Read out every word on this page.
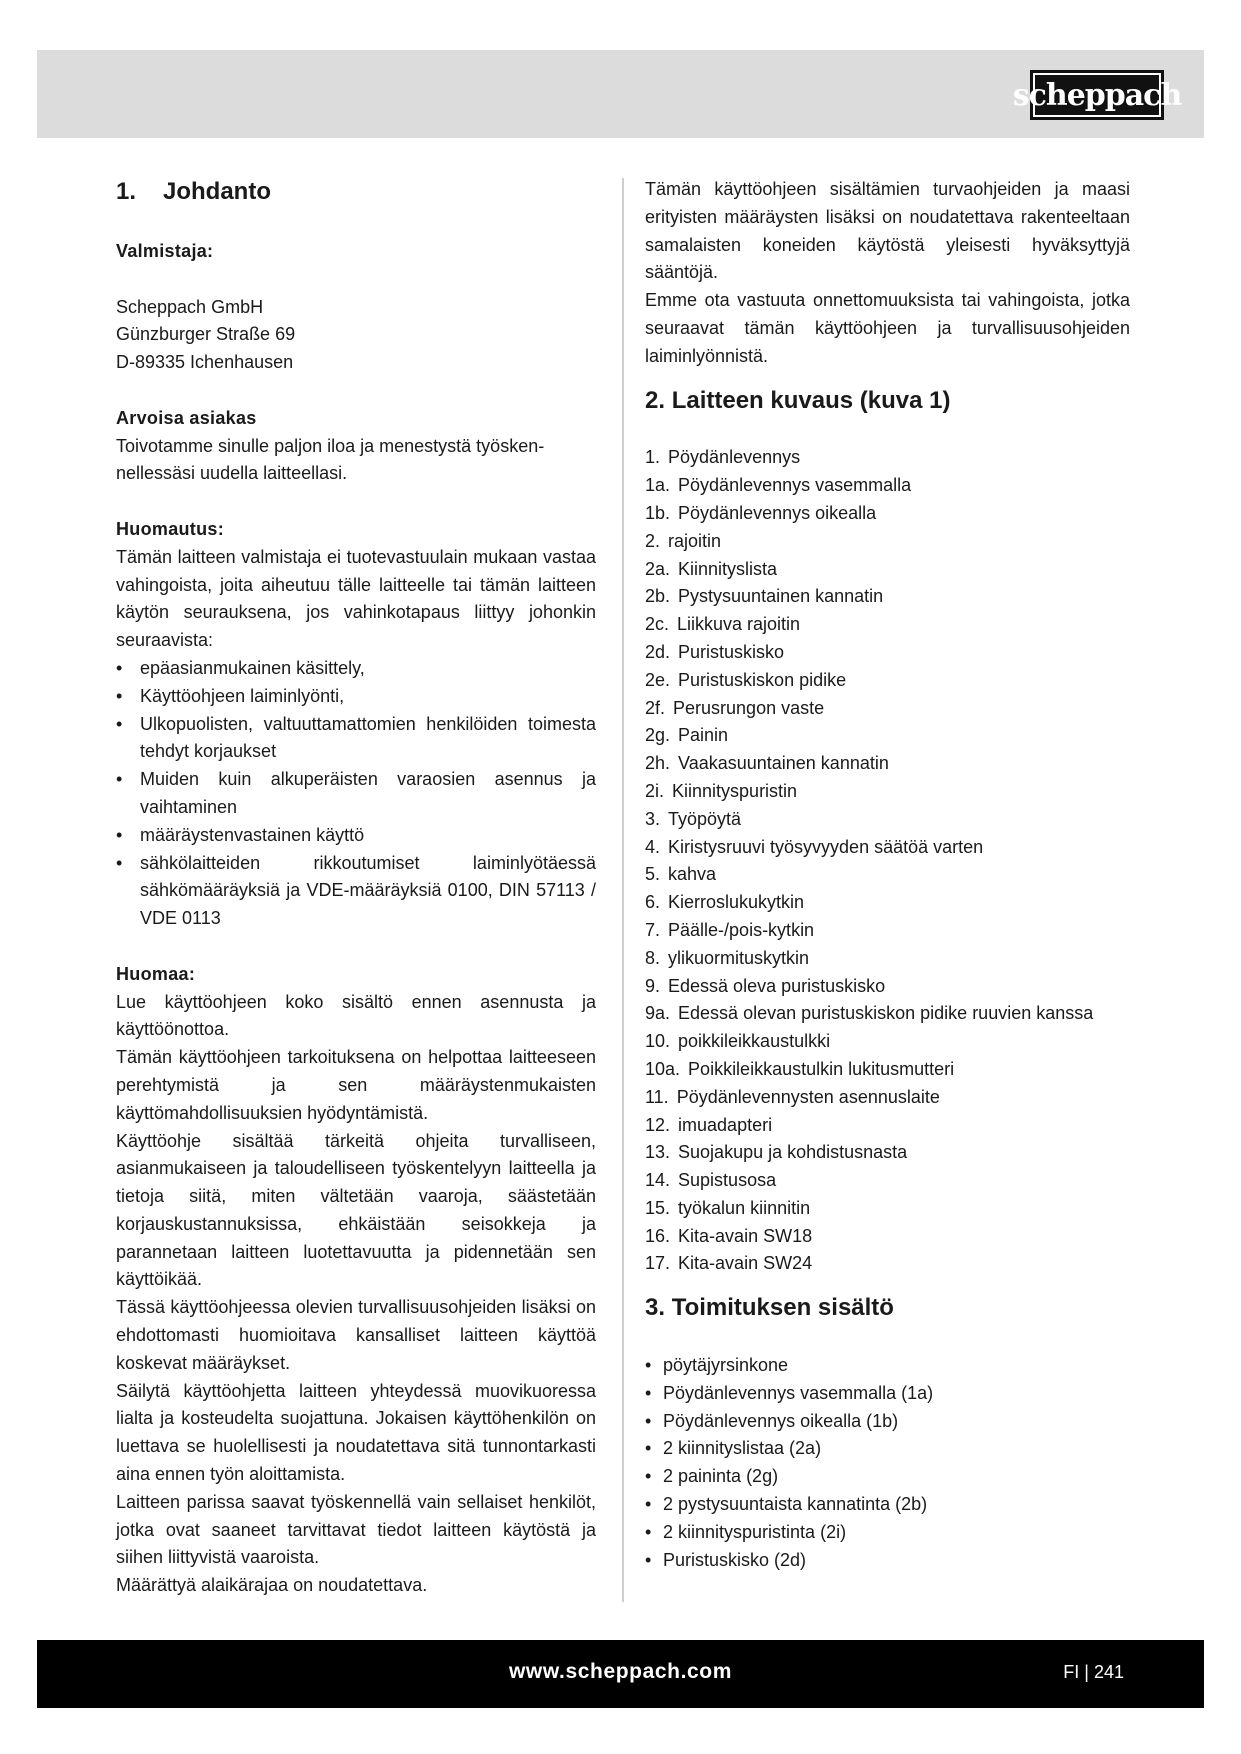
scheppach
1. Johdanto

Valmistaja:

Scheppach GmbH

Günzburger Straße 69

D-89335 Ichenhausen

Arvoisa asiakas

Toivotamme sinulle paljon iloa ja menestystä työsken-nellessäsi uudella laitteellasi.

Huomautus:

Tämän laitteen valmistaja ei tuotevastuulain mukaan vastaa vahingoista, joita aiheutuu tälle laitteelle tai tämän laitteen käytön seurauksena, jos vahinkotapaus liittyy johonkin seuraavista:

• epäasianmukainen käsittely,
• Käyttöohjeen laiminlyönti,
• Ulkopuolisten, valtuuttamattomien henkilöiden toimesta tehdyt korjaukset
• Muiden kuin alkuperäisten varaosien asennus ja vaihtaminen
• määräystenvastainen käyttö
• sähkölaitteiden rikkoutumiset laiminlyötäessä sähkömääräyksiä ja VDE-määräyksiä 0100, DIN 57113 / VDE 0113

Huomaa:

Lue käyttöohjeen koko sisältö ennen asennusta ja käyttöönottoa.

Tämän käyttöohjeen tarkoituksena on helpottaa laitteeseen perehtymistä ja sen määräystenmukaisten käyttömahdollisuuksien hyödyntämistä.

Käyttöohje sisältää tärkeitä ohjeita turvalliseen, asianmukaiseen ja taloudelliseen työskentelyyn laitteella ja tietoja siitä, miten vältetään vaaroja, säästetään korjauskustannuksissa, ehkäistään seisokkeja ja parannetaan laitteen luotettavuutta ja pidennetään sen käyttöikää.

Tässä käyttöohjeessa olevien turvallisuusohjeiden lisäksi on ehdottomasti huomioitava kansalliset laitteen käyttöä koskevat määräykset.

Säilytä käyttöohjetta laitteen yhteydessä muovikuoressa lialta ja kosteudelta suojattuna. Jokaisen käyttöhenkilön on luettava se huolellisesti ja noudatettava sitä tunnontarkasti aina ennen työn aloittamista.

Laitteen parissa saavat työskennellä vain sellaiset henkilöt, jotka ovat saaneet tarvittavat tiedot laitteen käytöstä ja siihen liittyvistä vaaroista.

Määrättyä alaikärajaa on noudatettava.

Tämän käyttöohjeen sisältämien turvaohjeiden ja maasi erityisten määräysten lisäksi on noudatettava rakenteeltaan samalaisten koneiden käytöstä yleisesti hyväksyttyjä sääntöjä.

Emme ota vastuuta onnettomuuksista tai vahingoista, jotka seuraavat tämän käyttöohjeen ja turvallisuusohjeiden laiminlyönnistä.

2. Laitteen kuvaus (kuva 1)
1. Pöydänlevennys
1a. Pöydänlevennys vasemmalla
1b. Pöydänlevennys oikealla
2. rajoitin
2a. Kiinnityslista
2b. Pystysuuntainen kannatin
2c. Liikkuva rajoitin
2d. Puristuskisko
2e. Puristuskiskon pidike
2f. Perusrungon vaste
2g. Painin
2h. Vaakasuuntainen kannatin
2i. Kiinnityspuristin
3. Työpöytä
4. Kiristysruuvi työsyvyyden säätöä varten
5. kahva
6. Kierroslukukytkin
7. Päälle-/pois-kytkin
8. ylikuormituskytkin
9. Edessä oleva puristuskisko
9a. Edessä olevan puristuskiskon pidike ruuvien kanssa
10. poikkileikkaustulkki
10a. Poikkileikkaustulkin lukitusmutteri
11. Pöydänlevennysten asennuslaite
12. imuadapteri
13. Suojakupu ja kohdistusnasta
14. Supistusosa
15. työkalun kiinnitin
16. Kita-avain SW18
17. Kita-avain SW24
3. Toimituksen sisältö
• pöytäjyrsinkone
• Pöydänlevennys vasemmalla (1a)
• Pöydänlevennys oikealla (1b)
• 2 kiinnityslistaa (2a)
• 2 paininta (2g)
• 2 pystysuuntaista kannatinta (2b)
• 2 kiinnityspuristinta (2i)
• Puristuskisko (2d)
www.scheppach.com	FI | 241
